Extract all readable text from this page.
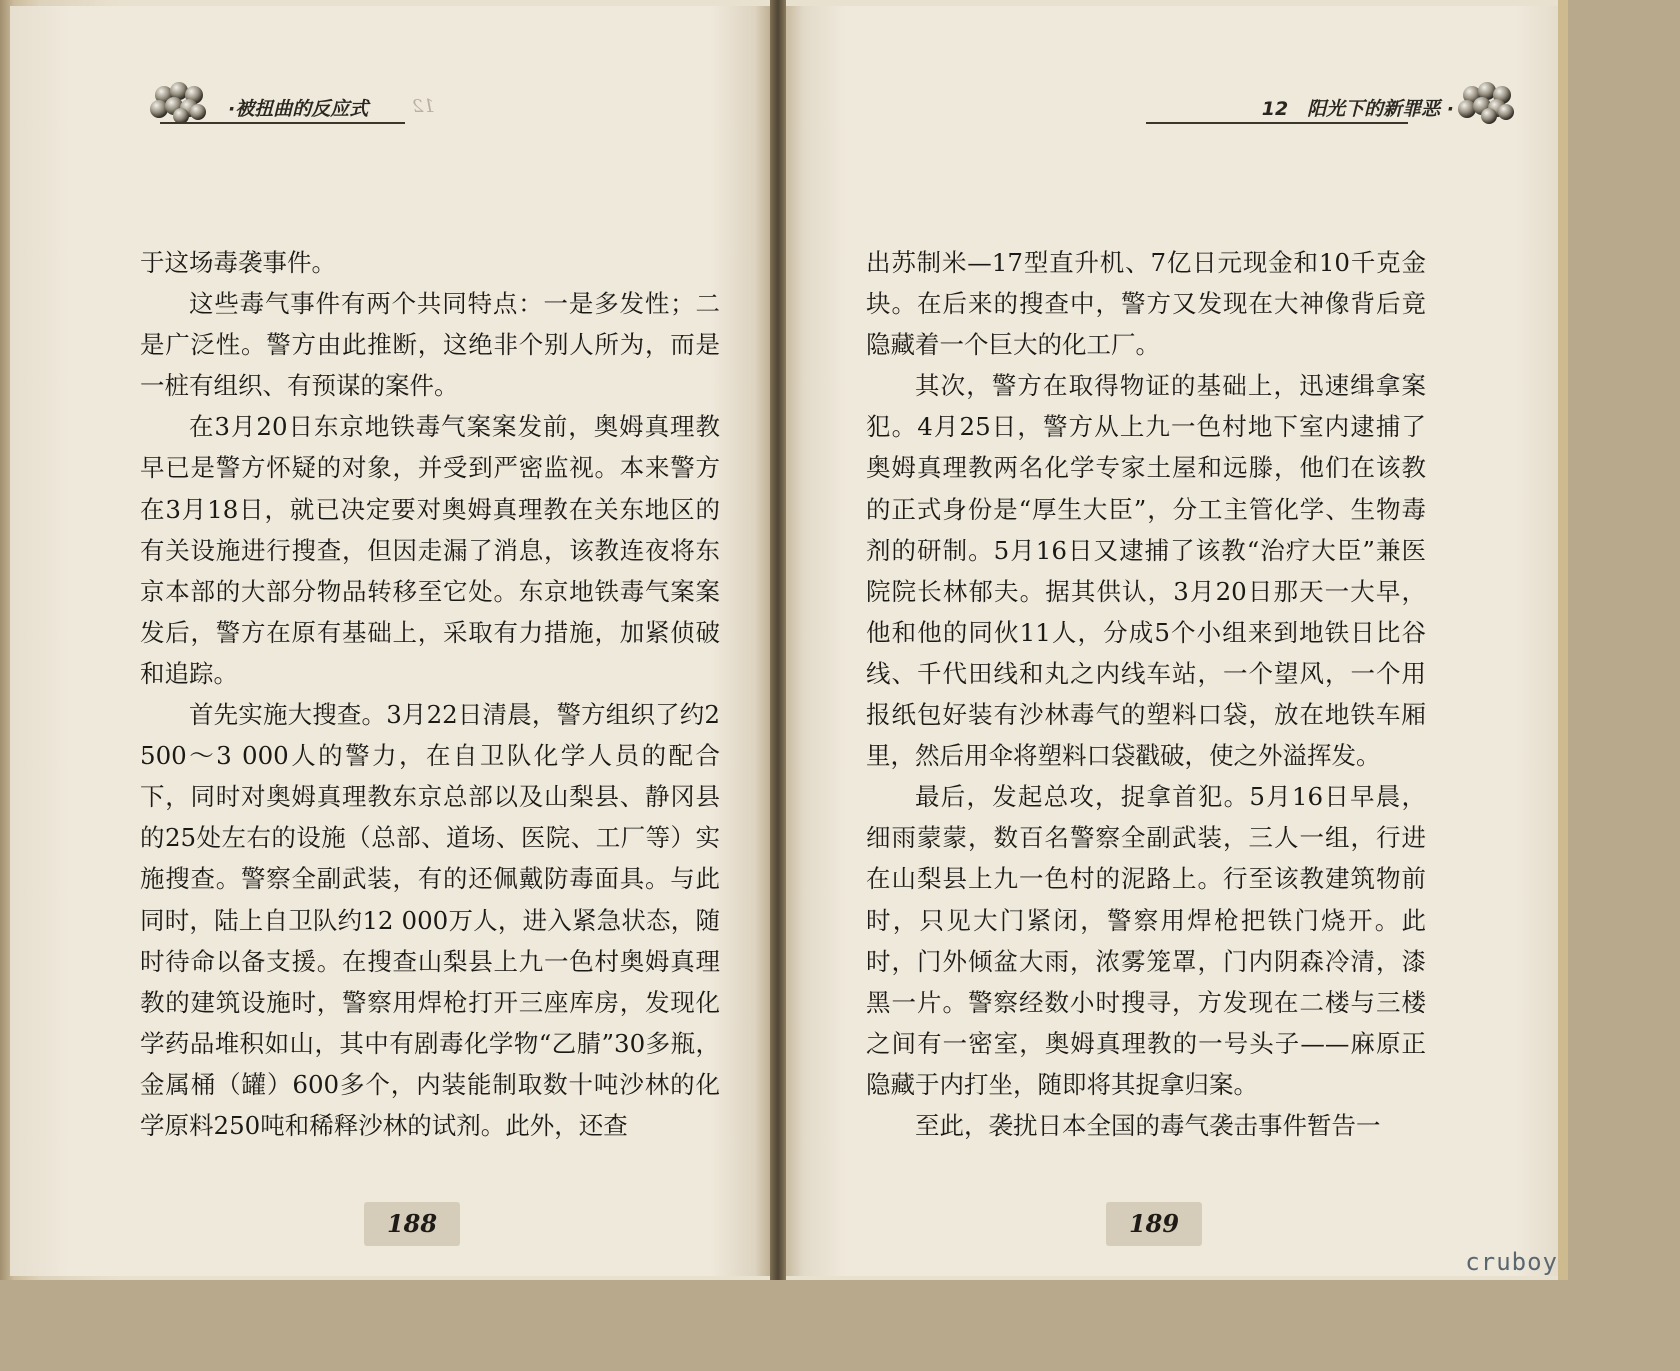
·被扭曲的反应式 12

于这场毒袭事件。

这些毒气事件有两个共同特点：一是多发性；二是广泛性。警方由此推断，这绝非个别人所为，而是一桩有组织、有预谋的案件。

在3月20日东京地铁毒气案案发前，奥姆真理教早已是警方怀疑的对象，并受到严密监视。本来警方在3月18日，就已决定要对奥姆真理教在关东地区的有关设施进行搜查，但因走漏了消息，该教连夜将东京本部的大部分物品转移至它处。东京地铁毒气案案发后，警方在原有基础上，采取有力措施，加紧侦破和追踪。

首先实施大搜查。3月22日清晨，警方组织了约2 500～3 000人的警力，在自卫队化学人员的配合下，同时对奥姆真理教东京总部以及山梨县、静冈县的25处左右的设施（总部、道场、医院、工厂等）实施搜查。警察全副武装，有的还佩戴防毒面具。与此同时，陆上自卫队约12 000万人，进入紧急状态，随时待命以备支援。在搜查山梨县上九一色村奥姆真理教的建筑设施时，警察用焊枪打开三座库房，发现化学药品堆积如山，其中有剧毒化学物“乙腈”30多瓶，金属桶（罐）600多个，内装能制取数十吨沙林的化学原料250吨和稀释沙林的试剂。此外，还查

188
12　阳光下的新罪恶 ·

出苏制米—17型直升机、7亿日元现金和10千克金块。在后来的搜查中，警方又发现在大神像背后竟隐藏着一个巨大的化工厂。

其次，警方在取得物证的基础上，迅速缉拿案犯。4月25日，警方从上九一色村地下室内逮捕了奥姆真理教两名化学专家土屋和远滕，他们在该教的正式身份是“厚生大臣”，分工主管化学、生物毒剂的研制。5月16日又逮捕了该教“治疗大臣”兼医院院长林郁夫。据其供认，3月20日那天一大早，他和他的同伙11人，分成5个小组来到地铁日比谷线、千代田线和丸之内线车站，一个望风，一个用报纸包好装有沙林毒气的塑料口袋，放在地铁车厢里，然后用伞将塑料口袋戳破，使之外溢挥发。

最后，发起总攻，捉拿首犯。5月16日早晨，细雨蒙蒙，数百名警察全副武装，三人一组，行进在山梨县上九一色村的泥路上。行至该教建筑物前时，只见大门紧闭，警察用焊枪把铁门烧开。此时，门外倾盆大雨，浓雾笼罩，门内阴森冷清，漆黑一片。警察经数小时搜寻，方发现在二楼与三楼之间有一密室，奥姆真理教的一号头子——麻原正隐藏于内打坐，随即将其捉拿归案。

至此，袭扰日本全国的毒气袭击事件暂告一

189
cruboy
